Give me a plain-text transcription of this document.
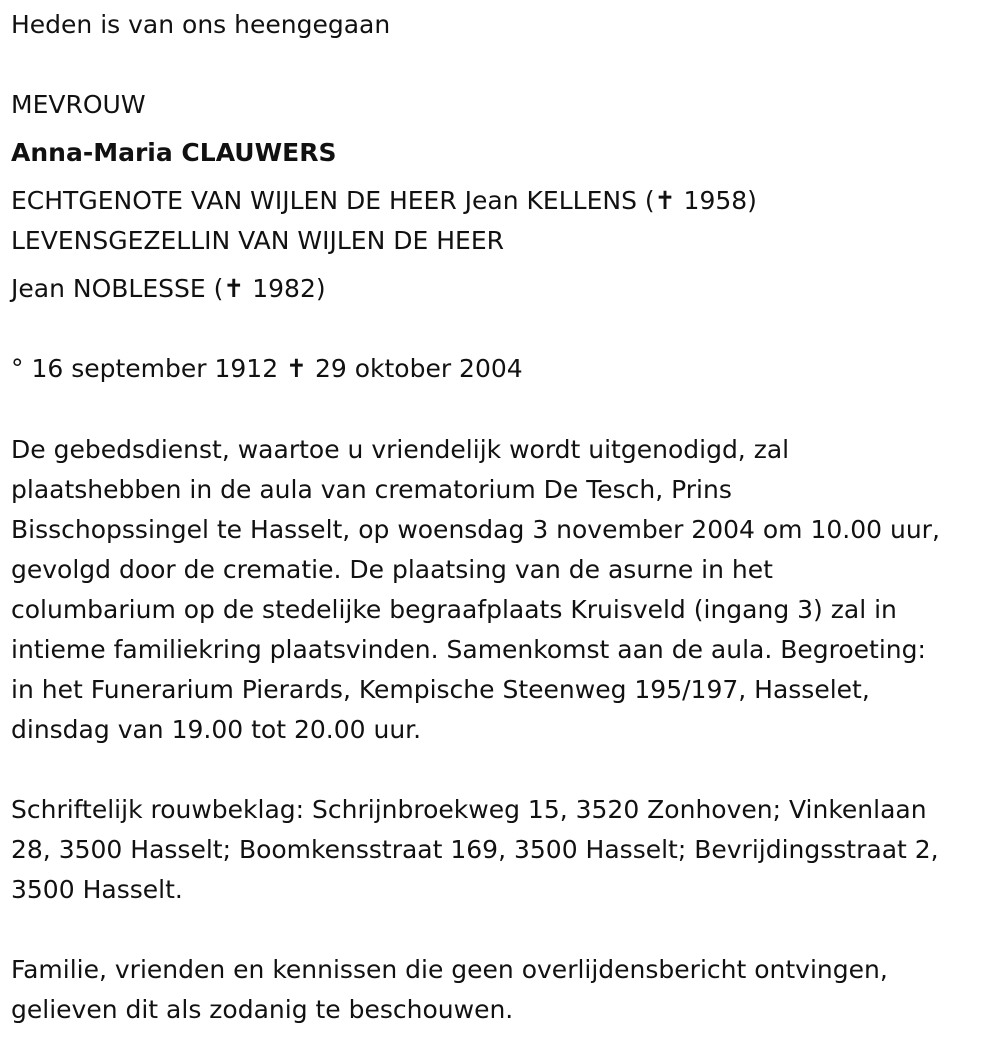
Heden is van ons heengegaan
MEVROUW
Anna-Maria CLAUWERS
ECHTGENOTE VAN WIJLEN DE HEER Jean KELLENS (✝ 1958)
LEVENSGEZELLIN VAN WIJLEN DE HEER
Jean NOBLESSE (✝ 1982)
° 16 september 1912 ✝ 29 oktober 2004
De gebedsdienst, waartoe u vriendelijk wordt uitgenodigd, zal
plaatshebben in de aula van crematorium De Tesch, Prins
Bisschopssingel te Hasselt, op woensdag 3 november 2004 om 10.00 uur,
gevolgd door de crematie. De plaatsing van de asurne in het
columbarium op de stedelijke begraafplaats Kruisveld (ingang 3) zal in
intieme familiekring plaatsvinden. Samenkomst aan de aula. Begroeting:
in het Funerarium Pierards, Kempische Steenweg 195/197, Hasselet,
dinsdag van 19.00 tot 20.00 uur.
Schriftelijk rouwbeklag: Schrijnbroekweg 15, 3520 Zonhoven; Vinkenlaan
28, 3500 Hasselt; Boomkensstraat 169, 3500 Hasselt; Bevrijdingsstraat 2,
3500 Hasselt.
Familie, vrienden en kennissen die geen overlijdensbericht ontvingen,
gelieven dit als zodanig te beschouwen.
